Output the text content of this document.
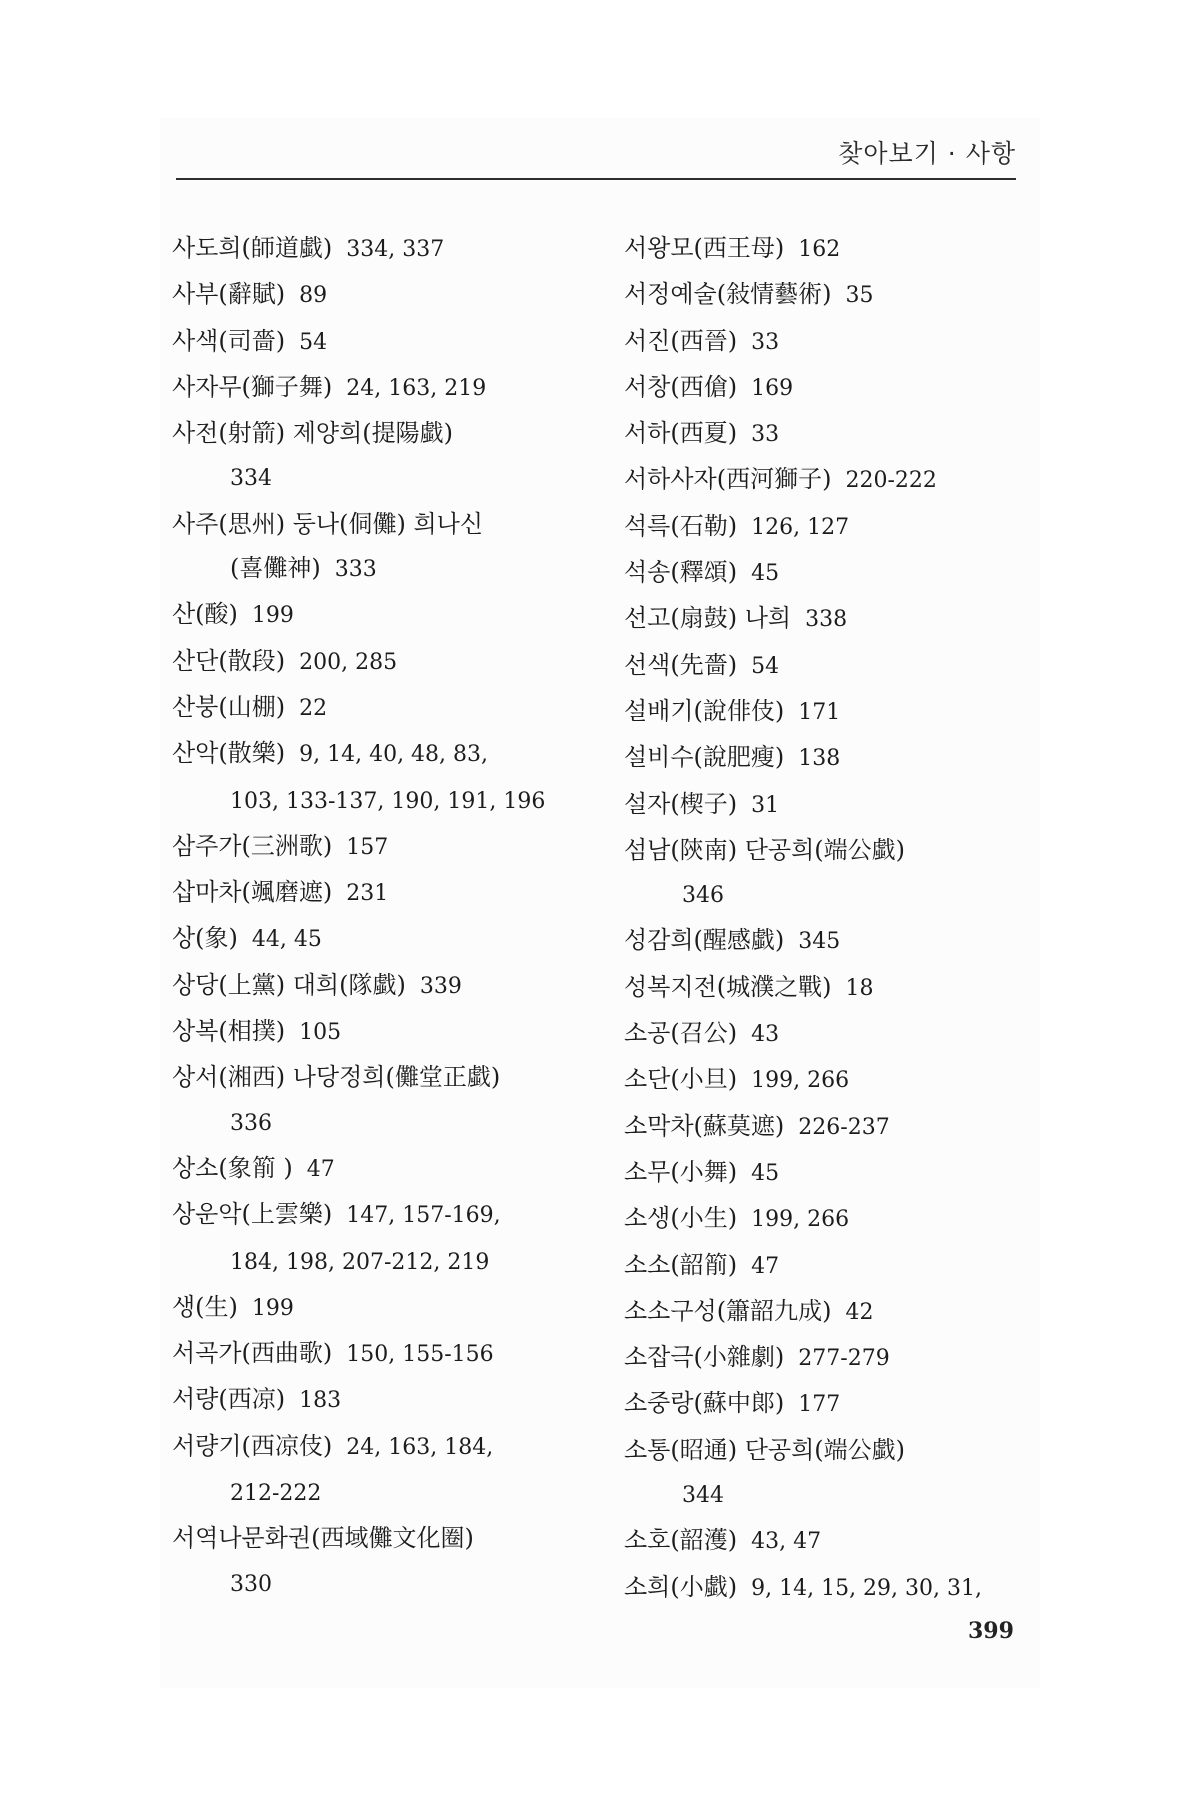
찾아보기 · 사항
사도희(師道戱) 334, 337
사부(辭賦) 89
사색(司嗇) 54
사자무(獅子舞) 24, 163, 219
사전(射箭) 제양희(提陽戱)
334
사주(思州) 둥나(侗儺) 희나신
(喜儺神) 333
산(酸) 199
산단(散段) 200, 285
산붕(山棚) 22
산악(散樂) 9, 14, 40, 48, 83,
103, 133-137, 190, 191, 196
삼주가(三洲歌) 157
삽마차(颯磨遮) 231
상(象) 44, 45
상당(上黨) 대희(隊戱) 339
상복(相撲) 105
상서(湘西) 나당정희(儺堂正戱)
336
상소(象箾 ) 47
상운악(上雲樂) 147, 157-169,
184, 198, 207-212, 219
생(生) 199
서곡가(西曲歌) 150, 155-156
서량(西凉) 183
서량기(西凉伎) 24, 163, 184,
212-222
서역나문화권(西域儺文化圈)
330
서왕모(西王母) 162
서정예술(敍情藝術) 35
서진(西晉) 33
서창(西傖) 169
서하(西夏) 33
서하사자(西河獅子) 220-222
석륵(石勒) 126, 127
석송(釋頌) 45
선고(扇鼓) 나희 338
선색(先嗇) 54
설배기(說俳伎) 171
설비수(說肥瘦) 138
설자(楔子) 31
섬남(陝南) 단공희(端公戱)
346
성감희(醒感戱) 345
성복지전(城濮之戰) 18
소공(召公) 43
소단(小旦) 199, 266
소막차(蘇莫遮) 226-237
소무(小舞) 45
소생(小生) 199, 266
소소(韶箾) 47
소소구성(簫韶九成) 42
소잡극(小雜劇) 277-279
소중랑(蘇中郞) 177
소통(昭通) 단공희(端公戱)
344
소호(韶濩) 43, 47
소희(小戱) 9, 14, 15, 29, 30, 31,
399
